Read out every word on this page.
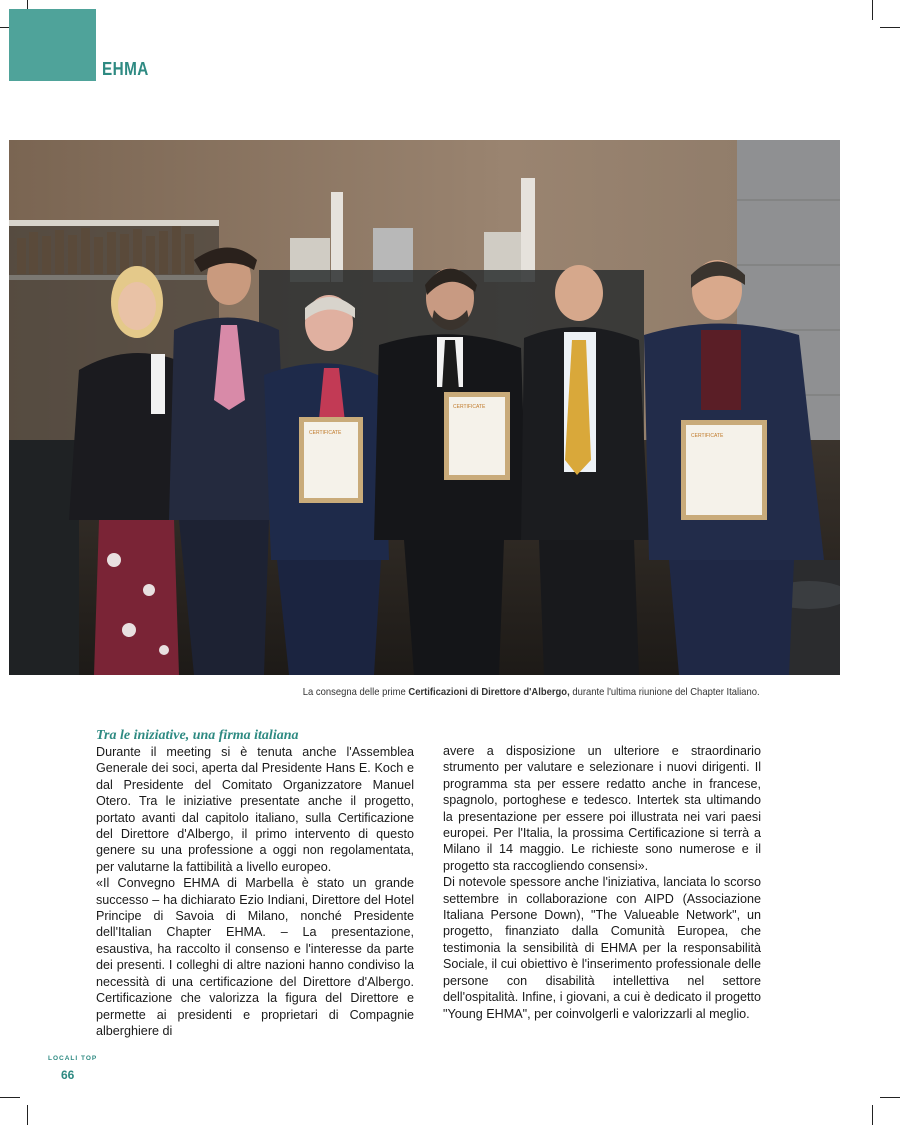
EHMA
CERTIFICATE
CERTIFICATE
CERTIFICATE
La consegna delle prime Certificazioni di Direttore d'Albergo, durante l'ultima riunione del Chapter Italiano.
Tra le iniziative, una firma italiana

Durante il meeting si è tenuta anche l'Assemblea Generale dei soci, aperta dal Presidente Hans E. Koch e dal Presidente del Comitato Organizzatore Manuel Otero. Tra le iniziative presentate anche il progetto, portato avanti dal capitolo italiano, sulla Certificazione del Direttore d'Albergo, il primo intervento di questo genere su una professione a oggi non regolamentata, per valutarne la fattibilità a livello europeo.

«Il Convegno EHMA di Marbella è stato un grande successo – ha dichiarato Ezio Indiani, Direttore del Hotel Principe di Savoia di Milano, nonché Presidente dell'Italian Chapter EHMA. – La presentazione, esaustiva, ha raccolto il consenso e l'interesse da parte dei presenti. I colleghi di altre nazioni hanno condiviso la necessità di una certificazione del Direttore d'Albergo. Certificazione che valorizza la figura del Direttore e permette ai presidenti e proprietari di Compagnie alberghiere di

avere a disposizione un ulteriore e straordinario strumento per valutare e selezionare i nuovi dirigenti. Il programma sta per essere redatto anche in francese, spagnolo, portoghese e tedesco. Intertek sta ultimando la presentazione per essere poi illustrata nei vari paesi europei. Per l'Italia, la prossima Certificazione si terrà a Milano il 14 maggio. Le richieste sono numerose e il progetto sta raccogliendo consensi».

Di notevole spessore anche l'iniziativa, lanciata lo scorso settembre in collaborazione con AIPD (Associazione Italiana Persone Down), "The Valueable Network", un progetto, finanziato dalla Comunità Europea, che testimonia la sensibilità di EHMA per la responsabilità Sociale, il cui obiettivo è l'inserimento professionale delle persone con disabilità intellettiva nel settore dell'ospitalità. Infine, i giovani, a cui è dedicato il progetto "Young EHMA", per coinvolgerli e valorizzarli al meglio.

LOCALI TOP
66
